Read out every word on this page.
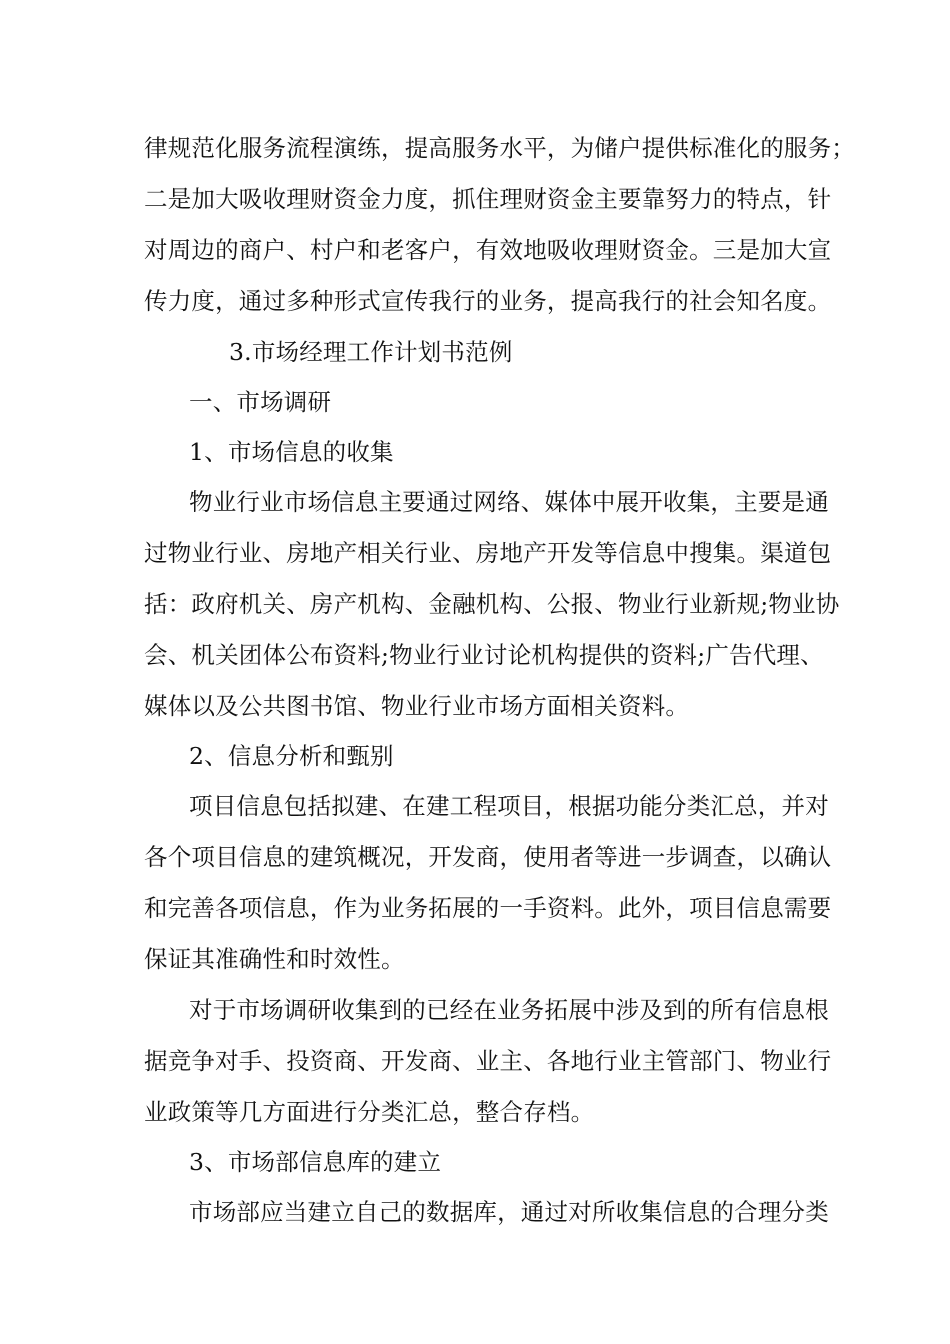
律规范化服务流程演练，提高服务水平，为储户提供标准化的服务；
二是加大吸收理财资金力度，抓住理财资金主要靠努力的特点，针
对周边的商户、村户和老客户，有效地吸收理财资金。三是加大宣
传力度，通过多种形式宣传我行的业务，提高我行的社会知名度。
3.市场经理工作计划书范例
一、市场调研
1、市场信息的收集
物业行业市场信息主要通过网络、媒体中展开收集，主要是通
过物业行业、房地产相关行业、房地产开发等信息中搜集。渠道包
括：政府机关、房产机构、金融机构、公报、物业行业新规;物业协
会、机关团体公布资料;物业行业讨论机构提供的资料;广告代理、
媒体以及公共图书馆、物业行业市场方面相关资料。
2、信息分析和甄别
项目信息包括拟建、在建工程项目，根据功能分类汇总，并对
各个项目信息的建筑概况，开发商，使用者等进一步调查，以确认
和完善各项信息，作为业务拓展的一手资料。此外，项目信息需要
保证其准确性和时效性。
对于市场调研收集到的已经在业务拓展中涉及到的所有信息根
据竞争对手、投资商、开发商、业主、各地行业主管部门、物业行
业政策等几方面进行分类汇总，整合存档。
3、市场部信息库的建立
市场部应当建立自己的数据库，通过对所收集信息的合理分类
